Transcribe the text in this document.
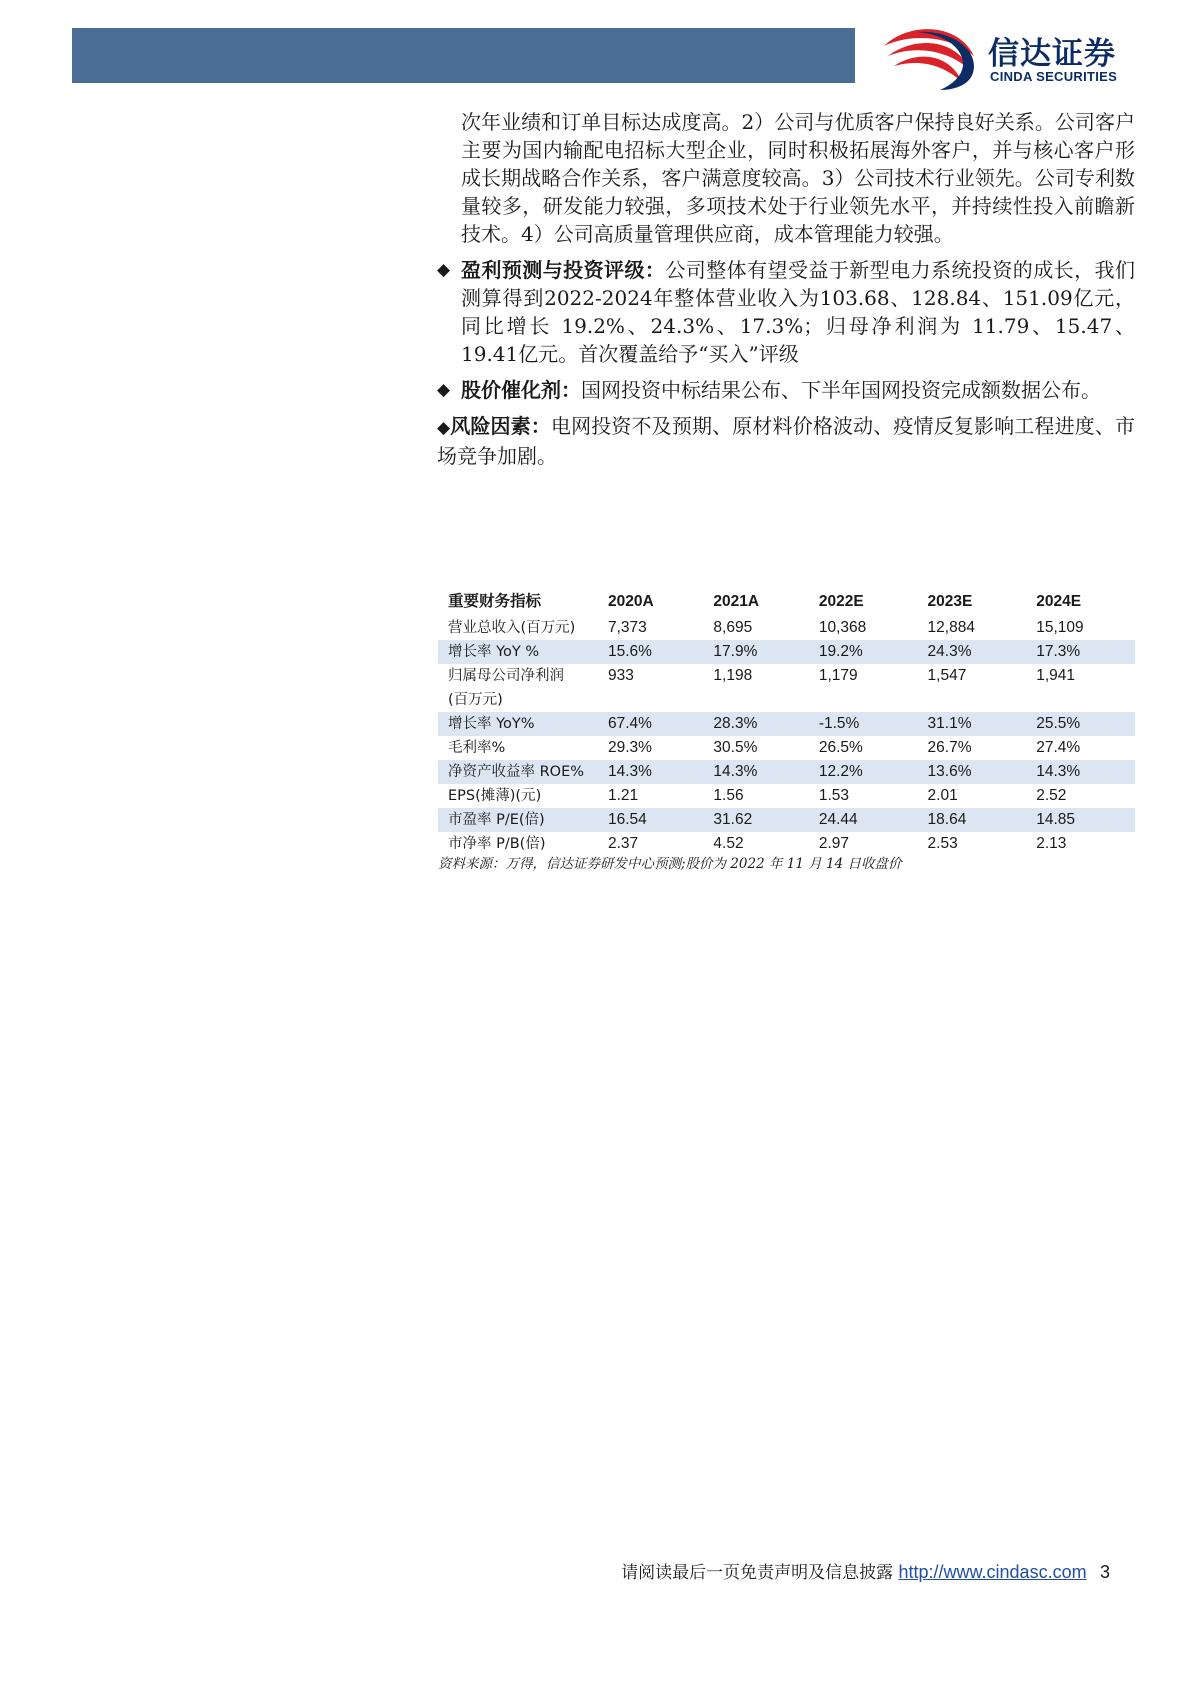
信达证券
CINDA SECURITIES

次年业绩和订单目标达成度高。2）公司与优质客户保持良好关系。公司客户主要为国内输配电招标大型企业，同时积极拓展海外客户，并与核心客户形成长期战略合作关系，客户满意度较高。3）公司技术行业领先。公司专利数量较多，研发能力较强，多项技术处于行业领先水平，并持续性投入前瞻新技术。4）公司高质量管理供应商，成本管理能力较强。

◆ 盈利预测与投资评级：公司整体有望受益于新型电力系统投资的成长，我们测算得到2022-2024年整体营业收入为103.68、128.84、151.09亿元，同比增长 19.2%、24.3%、17.3%；归母净利润为 11.79、15.47、19.41亿元。首次覆盖给予“买入”评级

◆ 股价催化剂：国网投资中标结果公布、下半年国网投资完成额数据公布。

◆风险因素：电网投资不及预期、原材料价格波动、疫情反复影响工程进度、市场竞争加剧。

重要财务指标	2020A	2021A	2022E	2023E	2024E
营业总收入(百万元)	7,373	8,695	10,368	12,884	15,109
增长率 YoY %	15.6%	17.9%	19.2%	24.3%	17.3%
归属母公司净利润	933	1,198	1,179	1,547	1,941
(百万元)					
增长率 YoY%	67.4%	28.3%	-1.5%	31.1%	25.5%
毛利率%	29.3%	30.5%	26.5%	26.7%	27.4%
净资产收益率 ROE%	14.3%	14.3%	12.2%	13.6%	14.3%
EPS(摊薄)(元)	1.21	1.56	1.53	2.01	2.52
市盈率 P/E(倍)	16.54	31.62	24.44	18.64	14.85
市净率 P/B(倍)	2.37	4.52	2.97	2.53	2.13
资料来源：万得，信达证券研发中心预测;股价为 2022 年 11 月 14 日收盘价
请阅读最后一页免责声明及信息披露 http://www.cindasc.com 3
